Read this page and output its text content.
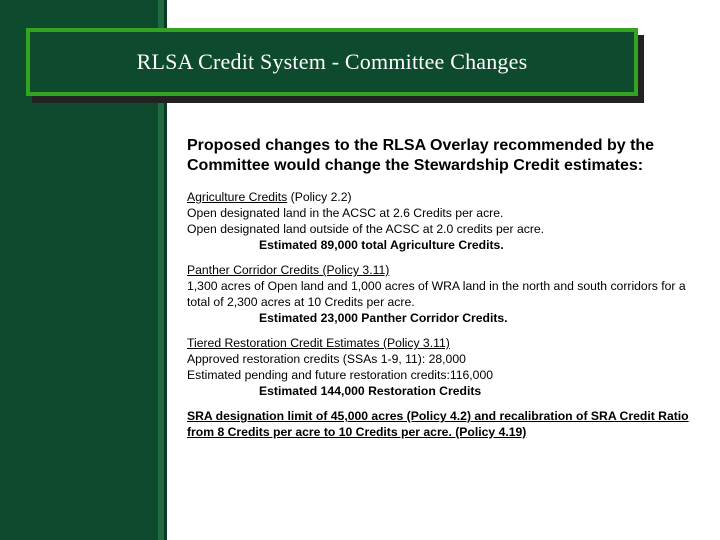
RLSA Credit System - Committee Changes
Proposed changes to the RLSA Overlay recommended by the Committee would change the Stewardship Credit estimates:
Agriculture Credits (Policy 2.2)
Open designated land in the ACSC at 2.6 Credits per acre.
Open designated land outside of the ACSC at 2.0 credits per acre.
Estimated 89,000 total Agriculture Credits.
Panther Corridor Credits (Policy 3.11)
1,300 acres of Open land and 1,000 acres of WRA land in the north and south corridors for a total of 2,300 acres at 10 Credits per acre.
Estimated 23,000 Panther Corridor Credits.
Tiered Restoration Credit Estimates (Policy 3.11)
Approved restoration credits (SSAs 1-9, 11): 28,000
Estimated pending and future restoration credits:116,000
Estimated 144,000 Restoration Credits
SRA designation limit of 45,000 acres (Policy 4.2) and recalibration of SRA Credit Ratio from 8 Credits per acre to 10 Credits per acre. (Policy 4.19)
